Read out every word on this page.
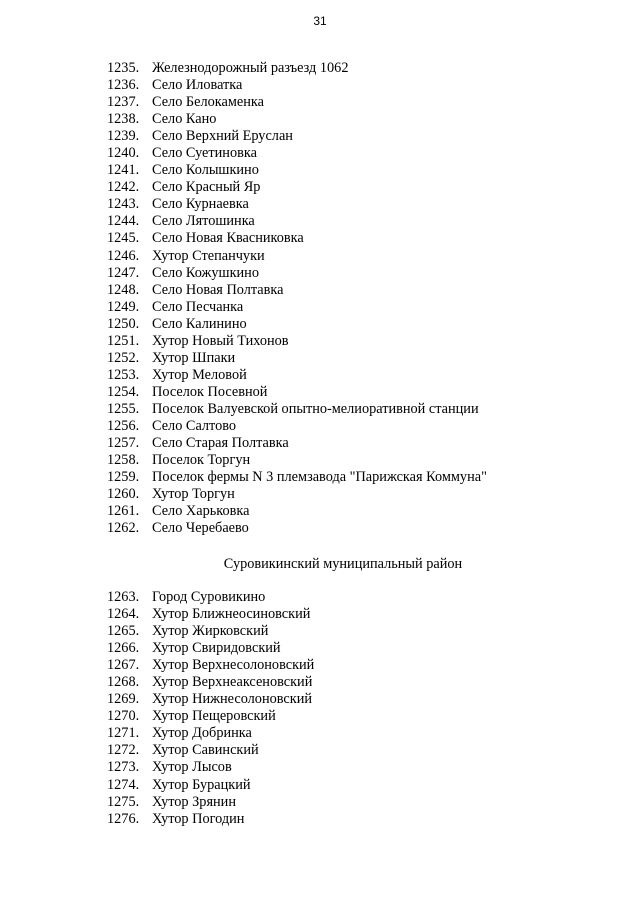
31
1235. Железнодорожный разъезд 1062
1236. Село Иловатка
1237. Село Белокаменка
1238. Село Кано
1239. Село Верхний Еруслан
1240. Село Суетиновка
1241. Село Колышкино
1242. Село Красный Яр
1243. Село Курнаевка
1244. Село Лятошинка
1245. Село Новая Квасниковка
1246. Хутор Степанчуки
1247. Село Кожушкино
1248. Село Новая Полтавка
1249. Село Песчанка
1250. Село Калинино
1251. Хутор Новый Тихонов
1252. Хутор Шпаки
1253. Хутор Меловой
1254. Поселок Посевной
1255. Поселок Валуевской опытно-мелиоративной станции
1256. Село Салтово
1257. Село Старая Полтавка
1258. Поселок Торгун
1259. Поселок фермы N 3 племзавода "Парижская Коммуна"
1260. Хутор Торгун
1261. Село Харьковка
1262. Село Черебаево
Суровикинский муниципальный район
1263. Город Суровикино
1264. Хутор Ближнеосиновский
1265. Хутор Жирковский
1266. Хутор Свиридовский
1267. Хутор Верхнесолоновский
1268. Хутор Верхнеаксеновский
1269. Хутор Нижнесолоновский
1270. Хутор Пещеровский
1271. Хутор Добринка
1272. Хутор Савинский
1273. Хутор Лысов
1274. Хутор Бурацкий
1275. Хутор Зрянин
1276. Хутор Погодин
